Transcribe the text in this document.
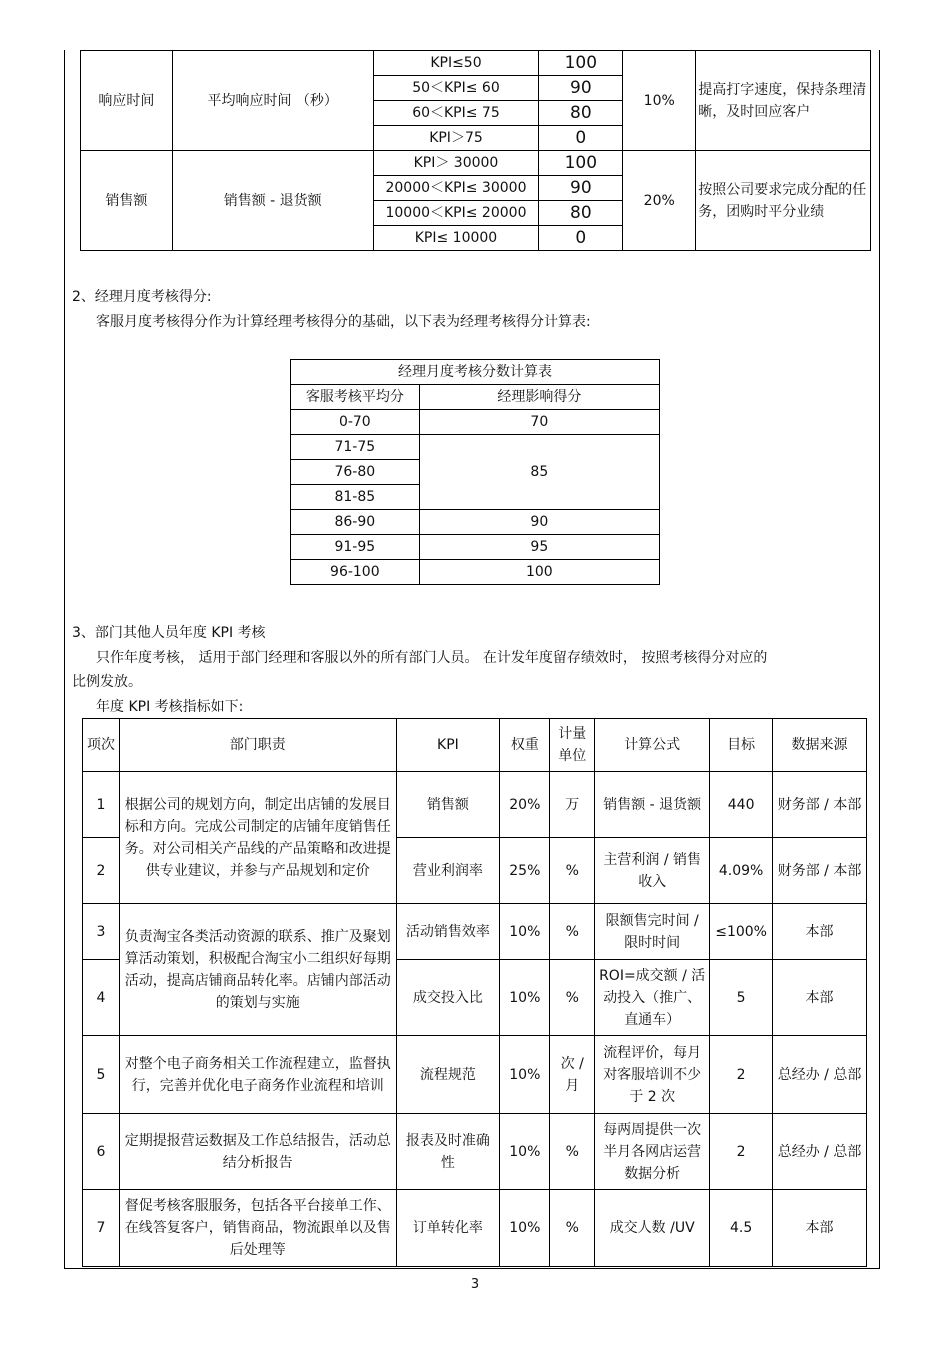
响应时间	平均响应时间 （秒）	KPI≤50	100	10%	提高打字速度，保持条理清晰，及时回应客户
		50＜KPI≤ 60	90		
		60＜KPI≤ 75	80		
		KPI＞75	0		
销售额	销售额 - 退货额	KPI＞ 30000	100	20%	按照公司要求完成分配的任务，团购时平分业绩
		20000＜KPI≤ 30000	90		
		10000＜KPI≤ 20000	80		
		KPI≤ 10000	0		
2、经理月度考核得分:
客服月度考核得分作为计算经理考核得分的基础，以下表为经理考核得分计算表:
经理月度考核分数计算表	
客服考核平均分	经理影响得分
0-70	70
71-75	85
76-80	
81-85	
86-90	90
91-95	95
96-100	100
3、部门其他人员年度 KPI 考核
只作年度考核， 适用于部门经理和客服以外的所有部门人员。 在计发年度留存绩效时， 按照考核得分对应的
比例发放。
年度 KPI 考核指标如下:
项次	部门职责	KPI	权重	计量单位	计算公式	目标	数据来源
1	根据公司的规划方向，制定出店铺的发展目标和方向。完成公司制定的店铺年度销售任务。对公司相关产品线的产品策略和改进提供专业建议，并参与产品规划和定价	销售额	20%	万	销售额 - 退货额	440	财务部 / 本部
2		营业利润率	25%	%	主营利润 / 销售收入	4.09%	财务部 / 本部
3	负责淘宝各类活动资源的联系、推广及聚划算活动策划，积极配合淘宝小二组织好每期活动，提高店铺商品转化率。店铺内部活动的策划与实施	活动销售效率	10%	%	限额售完时间 / 限时时间	≤100%	本部
4		成交投入比	10%	%	ROI=成交额 / 活动投入（推广、直通车）	5	本部
5	对整个电子商务相关工作流程建立，监督执行，完善并优化电子商务作业流程和培训	流程规范	10%	次 / 月	流程评价，每月对客服培训不少于 2 次	2	总经办 / 总部
6	定期提报营运数据及工作总结报告，活动总结分析报告	报表及时准确性	10%	%	每两周提供一次半月各网店运营数据分析	2	总经办 / 总部
7	督促考核客服服务，包括各平台接单工作、在线答复客户，销售商品，物流跟单以及售后处理等	订单转化率	10%	%	成交人数 /UV	4.5	本部
3
